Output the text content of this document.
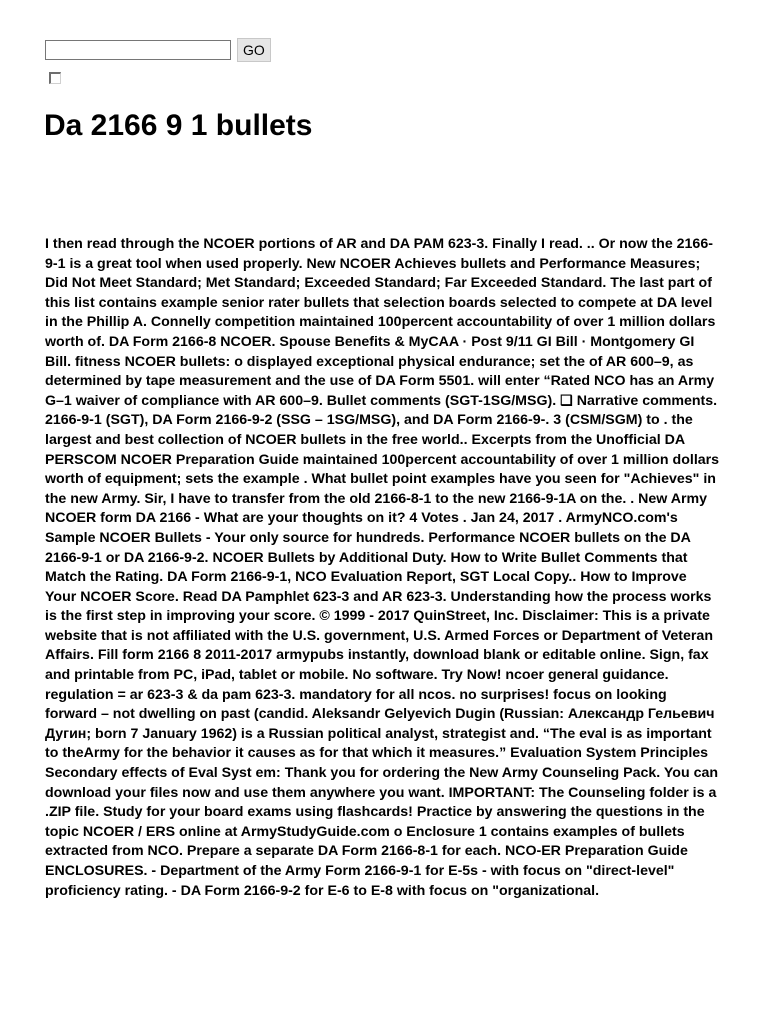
GO
Da 2166 9 1 bullets

I then read through the NCOER portions of AR and DA PAM 623-3. Finally I read. .. Or now the 2166-9-1 is a great tool when used properly. New NCOER Achieves bullets and Performance Measures; Did Not Meet Standard; Met Standard; Exceeded Standard; Far Exceeded Standard. The last part of this list contains example senior rater bullets that selection boards selected to compete at DA level in the Phillip A. Connelly competition maintained 100percent accountability of over 1 million dollars worth of. DA Form 2166-8 NCOER. Spouse Benefits & MyCAA · Post 9/11 GI Bill · Montgomery GI Bill. fitness NCOER bullets: o displayed exceptional physical endurance; set the of AR 600–9, as determined by tape measurement and the use of DA Form 5501. will enter “Rated NCO has an Army G–1 waiver of compliance with AR 600–9. Bullet comments (SGT-1SG/MSG). ❑ Narrative comments. 2166-9-1 (SGT), DA Form 2166-9-2 (SSG – 1SG/MSG), and DA Form 2166-9-. 3 (CSM/SGM) to . the largest and best collection of NCOER bullets in the free world.. Excerpts from the Unofficial DA PERSCOM NCOER Preparation Guide maintained 100percent accountability of over 1 million dollars worth of equipment; sets the example . What bullet point examples have you seen for "Achieves" in the new Army. Sir, I have to transfer from the old 2166-8-1 to the new 2166-9-1A on the. . New Army NCOER form DA 2166 - What are your thoughts on it? 4 Votes . Jan 24, 2017 . ArmyNCO.com's Sample NCOER Bullets - Your only source for hundreds. Performance NCOER bullets on the DA 2166-9-1 or DA 2166-9-2. NCOER Bullets by Additional Duty. How to Write Bullet Comments that Match the Rating. DA Form 2166-9-1, NCO Evaluation Report, SGT Local Copy.. How to Improve Your NCOER Score. Read DA Pamphlet 623-3 and AR 623-3. Understanding how the process works is the first step in improving your score. © 1999 - 2017 QuinStreet, Inc. Disclaimer: This is a private website that is not affiliated with the U.S. government, U.S. Armed Forces or Department of Veteran Affairs. Fill form 2166 8 2011-2017 armypubs instantly, download blank or editable online. Sign, fax and printable from PC, iPad, tablet or mobile. No software. Try Now! ncoer general guidance. regulation = ar 623-3 & da pam 623-3. mandatory for all ncos. no surprises! focus on looking forward – not dwelling on past (candid. Aleksandr Gelyevich Dugin (Russian: Александр Гельевич Дугин; born 7 January 1962) is a Russian political analyst, strategist and. “The eval is as important to theArmy for the behavior it causes as for that which it measures.” Evaluation System Principles Secondary effects of Eval Syst em: Thank you for ordering the New Army Counseling Pack. You can download your files now and use them anywhere you want. IMPORTANT: The Counseling folder is a .ZIP file. Study for your board exams using flashcards! Practice by answering the questions in the topic NCOER / ERS online at ArmyStudyGuide.com o Enclosure 1 contains examples of bullets extracted from NCO. Prepare a separate DA Form 2166-8-1 for each. NCO-ER Preparation Guide ENCLOSURES. - Department of the Army Form 2166-9-1 for E-5s - with focus on "direct-level" proficiency rating. - DA Form 2166-9-2 for E-6 to E-8 with focus on "organizational.
